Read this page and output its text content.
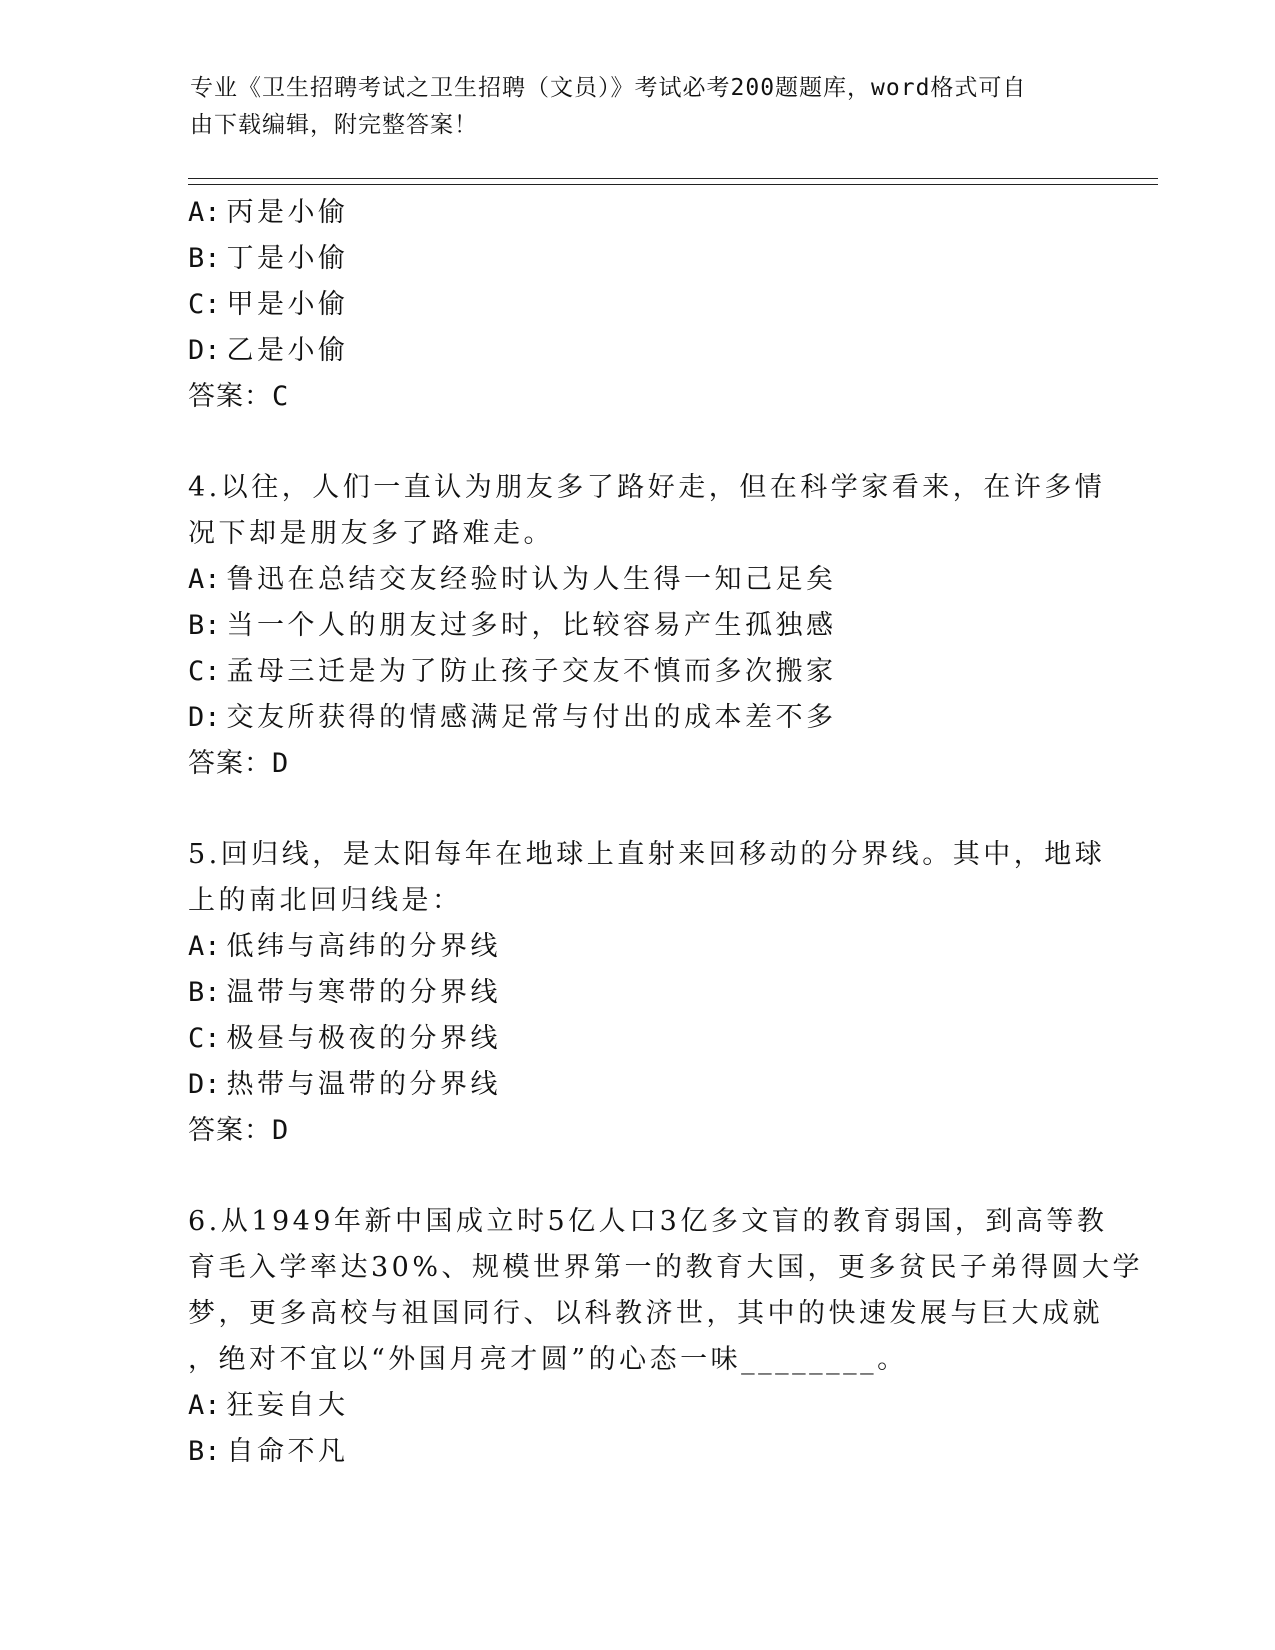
专业《卫生招聘考试之卫生招聘（文员）》考试必考200题题库，word格式可自
由下载编辑，附完整答案！
A: 丙是小偷
B: 丁是小偷
C: 甲是小偷
D: 乙是小偷
答案：C
4.以往，人们一直认为朋友多了路好走，但在科学家看来，在许多情
况下却是朋友多了路难走。
A: 鲁迅在总结交友经验时认为人生得一知己足矣
B: 当一个人的朋友过多时，比较容易产生孤独感
C: 孟母三迁是为了防止孩子交友不慎而多次搬家
D: 交友所获得的情感满足常与付出的成本差不多
答案：D
5.回归线，是太阳每年在地球上直射来回移动的分界线。其中，地球
上的南北回归线是：
A: 低纬与高纬的分界线
B: 温带与寒带的分界线
C: 极昼与极夜的分界线
D: 热带与温带的分界线
答案：D
6.从1949年新中国成立时5亿人口3亿多文盲的教育弱国，到高等教
育毛入学率达30%、规模世界第一的教育大国，更多贫民子弟得圆大学
梦，更多高校与祖国同行、以科教济世，其中的快速发展与巨大成就
，绝对不宜以“外国月亮才圆”的心态一味________。
A: 狂妄自大
B: 自命不凡
